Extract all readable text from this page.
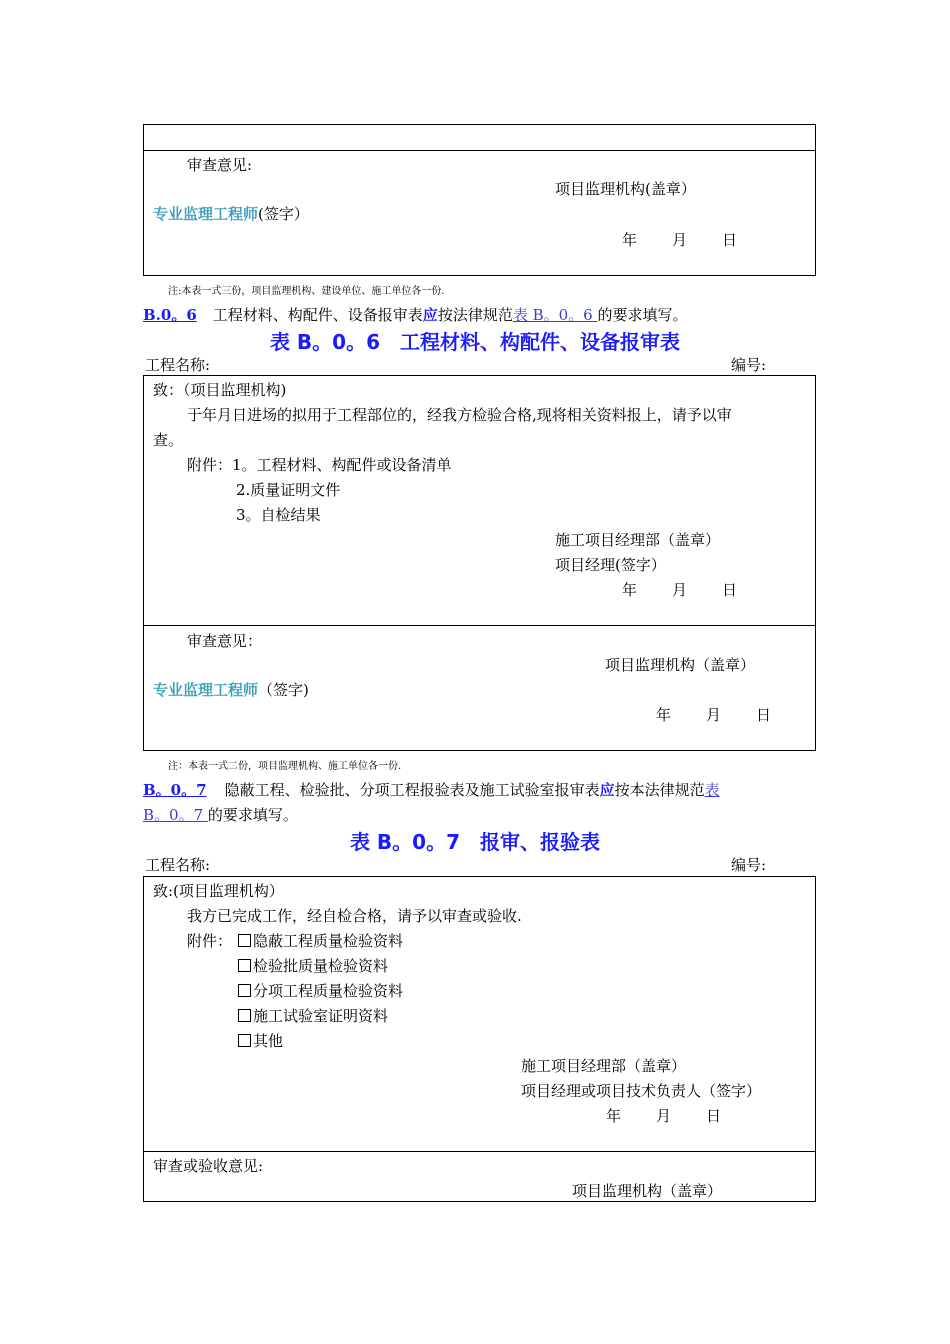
审查意见:
项目监理机构(盖章）
专业监理工程师(签字）
年 月 日
注:本表一式三份，项目监理机构、建设单位、施工单位各一份.
B.0。6 工程材料、构配件、设备报审表应按法律规范表 B。0。6 的要求填写。
表 B。0。6　工程材料、构配件、设备报审表
工程名称:	编号:
致：（项目监理机构)
于年月日进场的拟用于工程部位的，经我方检验合格,现将相关资料报上，请予以审
查。
附件：1。工程材料、构配件或设备清单
2.质量证明文件
3。自检结果
施工项目经理部（盖章）
项目经理(签字）
年 月 日
审查意见：
项目监理机构（盖章）
专业监理工程师（签字)
年 月 日
注：本表一式二份，项目监理机构、施工单位各一份.
B。0。7 隐蔽工程、检验批、分项工程报验表及施工试验室报审表应按本法律规范表
B。0。7 的要求填写。
表 B。0。7　报审、报验表
工程名称:	编号:
致:(项目监理机构）
我方已完成工作，经自检合格，请予以审查或验收.
附件：	隐蔽工程质量检验资料
检验批质量检验资料
分项工程质量检验资料
施工试验室证明资料
其他
施工项目经理部（盖章）
项目经理或项目技术负责人（签字）
年 月 日
审查或验收意见:
项目监理机构（盖章）
